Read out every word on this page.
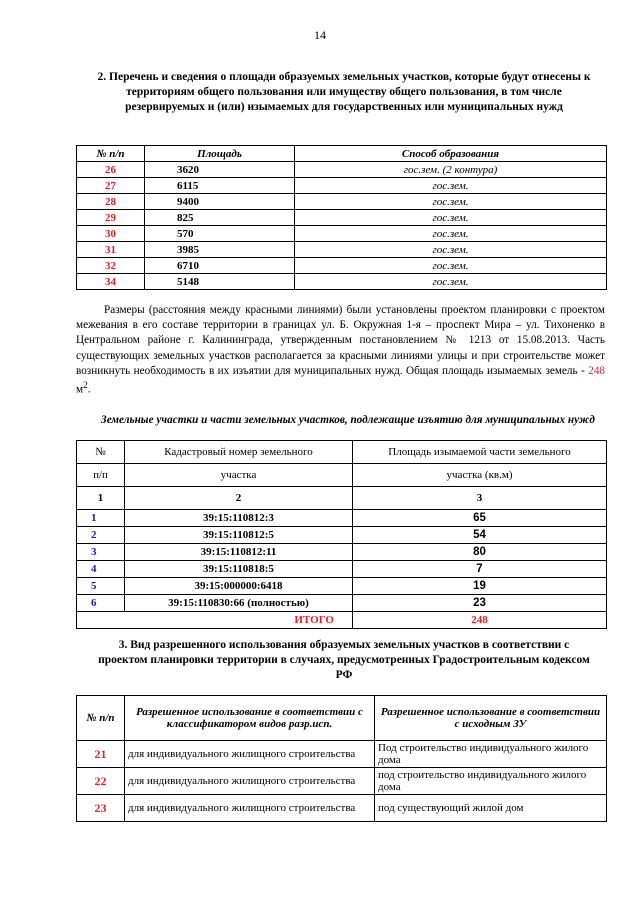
14
2. Перечень и сведения о площади образуемых земельных участков, которые будут отнесены к территориям общего пользования или имуществу общего пользования, в том числе резервируемых и (или) изымаемых для государственных или муниципальных нужд
№ п/п	Площадь	Способ образования
26	3620	гос.зем. (2 контура)
27	6115	гос.зем.
28	9400	гос.зем.
29	825	гос.зем.
30	570	гос.зем.
31	3985	гос.зем.
32	6710	гос.зем.
34	5148	гос.зем.

Размеры (расстояния между красными линиями) были установлены проектом планировки с проектом межевания в его составе территории в границах ул. Б. Окружная 1-я – проспект Мира – ул. Тихоненко в Центральном районе г. Калининграда, утвержденным постановлением № 1213 от 15.08.2013. Часть существующих земельных участков располагается за красными линиями улицы и при строительстве может возникнуть необходимость в их изъятии для муниципальных нужд. Общая площадь изымаемых земель - 248 $м^2$.

Земельные участки и части земельных участков, подлежащие изъятию для муниципальных нужд
№	Кадастровый номер земельного	Площадь изымаемой части земельного
п/п	участка	участка (кв.м)
1	2	3
1	39:15:110812:3	65
2	39:15:110812:5	54
3	39:15:110812:11	80
4	39:15:110818:5	7
5	39:15:000000:6418	19
6	39:15:110830:66 (полностью)	23
ИТОГО		248
3. Вид разрешенного использования образуемых земельных участков в соответствии с проектом планировки территории в случаях, предусмотренных Градостроительным кодексом РФ
№ п/п	Разрешенное использование в соответствии с классификатором видов разр.исп.	Разрешенное использование в соответствии с исходным ЗУ
21	для индивидуального жилищного строительства	Под строительство индивидуального жилого дома
22	для индивидуального жилищного строительства	под строительство индивидуального жилого дома
23	для индивидуального жилищного строительства	под существующий жилой дом
